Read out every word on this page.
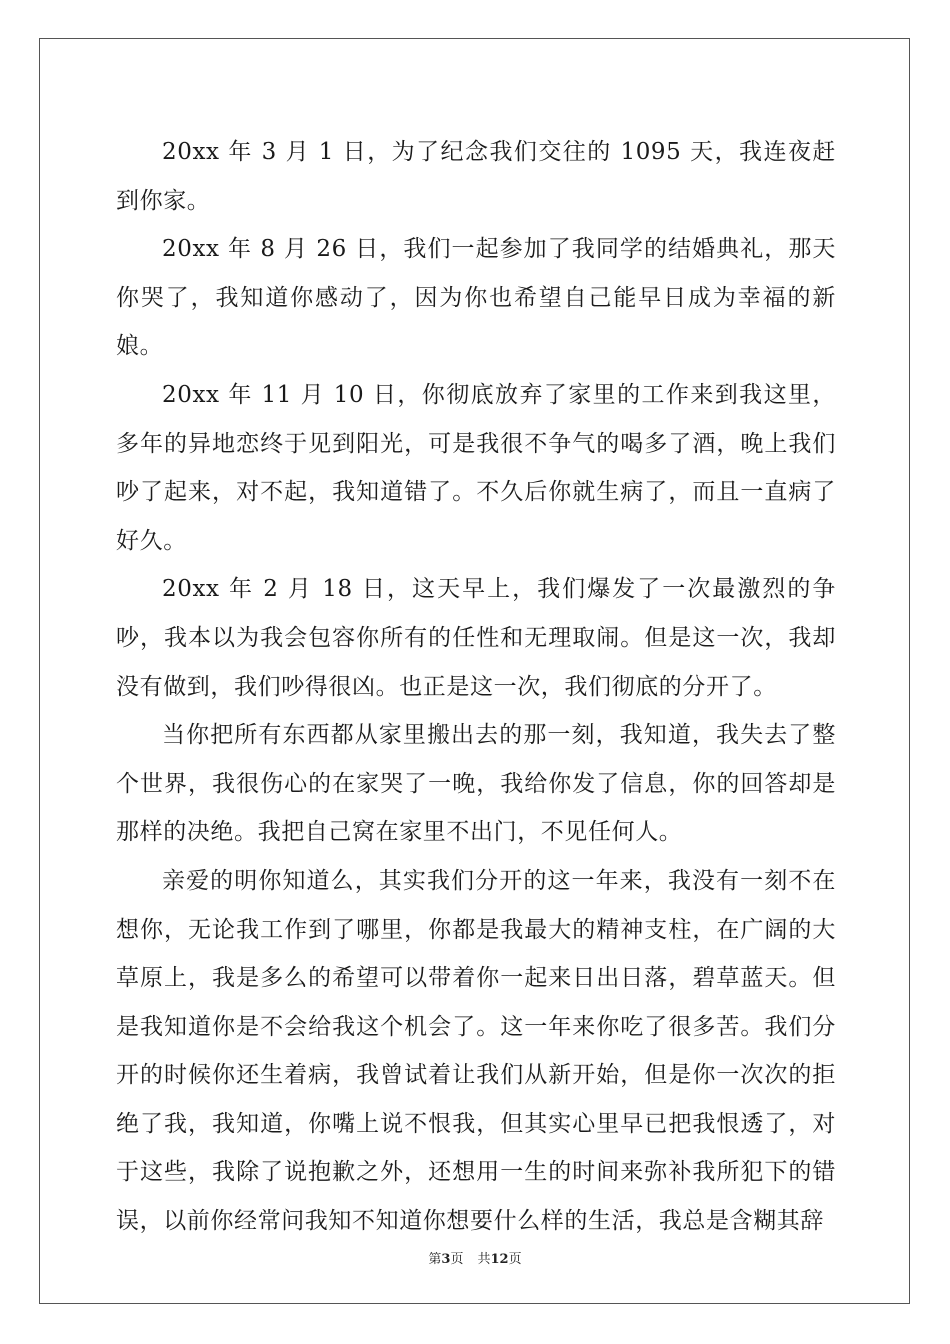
20xx 年 3 月 1 日，为了纪念我们交往的 1095 天，我连夜赶到你家。

20xx 年 8 月 26 日，我们一起参加了我同学的结婚典礼，那天你哭了，我知道你感动了，因为你也希望自己能早日成为幸福的新娘。

20xx 年 11 月 10 日，你彻底放弃了家里的工作来到我这里，多年的异地恋终于见到阳光，可是我很不争气的喝多了酒，晚上我们吵了起来，对不起，我知道错了。不久后你就生病了，而且一直病了好久。

20xx 年 2 月 18 日，这天早上，我们爆发了一次最激烈的争吵，我本以为我会包容你所有的任性和无理取闹。但是这一次，我却没有做到，我们吵得很凶。也正是这一次，我们彻底的分开了。

当你把所有东西都从家里搬出去的那一刻，我知道，我失去了整个世界，我很伤心的在家哭了一晚，我给你发了信息，你的回答却是那样的决绝。我把自己窝在家里不出门，不见任何人。

亲爱的明你知道么，其实我们分开的这一年来，我没有一刻不在想你，无论我工作到了哪里，你都是我最大的精神支柱，在广阔的大草原上，我是多么的希望可以带着你一起来日出日落，碧草蓝天。但是我知道你是不会给我这个机会了。这一年来你吃了很多苦。我们分开的时候你还生着病，我曾试着让我们从新开始，但是你一次次的拒绝了我，我知道，你嘴上说不恨我，但其实心里早已把我恨透了，对于这些，我除了说抱歉之外，还想用一生的时间来弥补我所犯下的错误，以前你经常问我知不知道你想要什么样的生活，我总是含糊其辞

第3页 共12页
